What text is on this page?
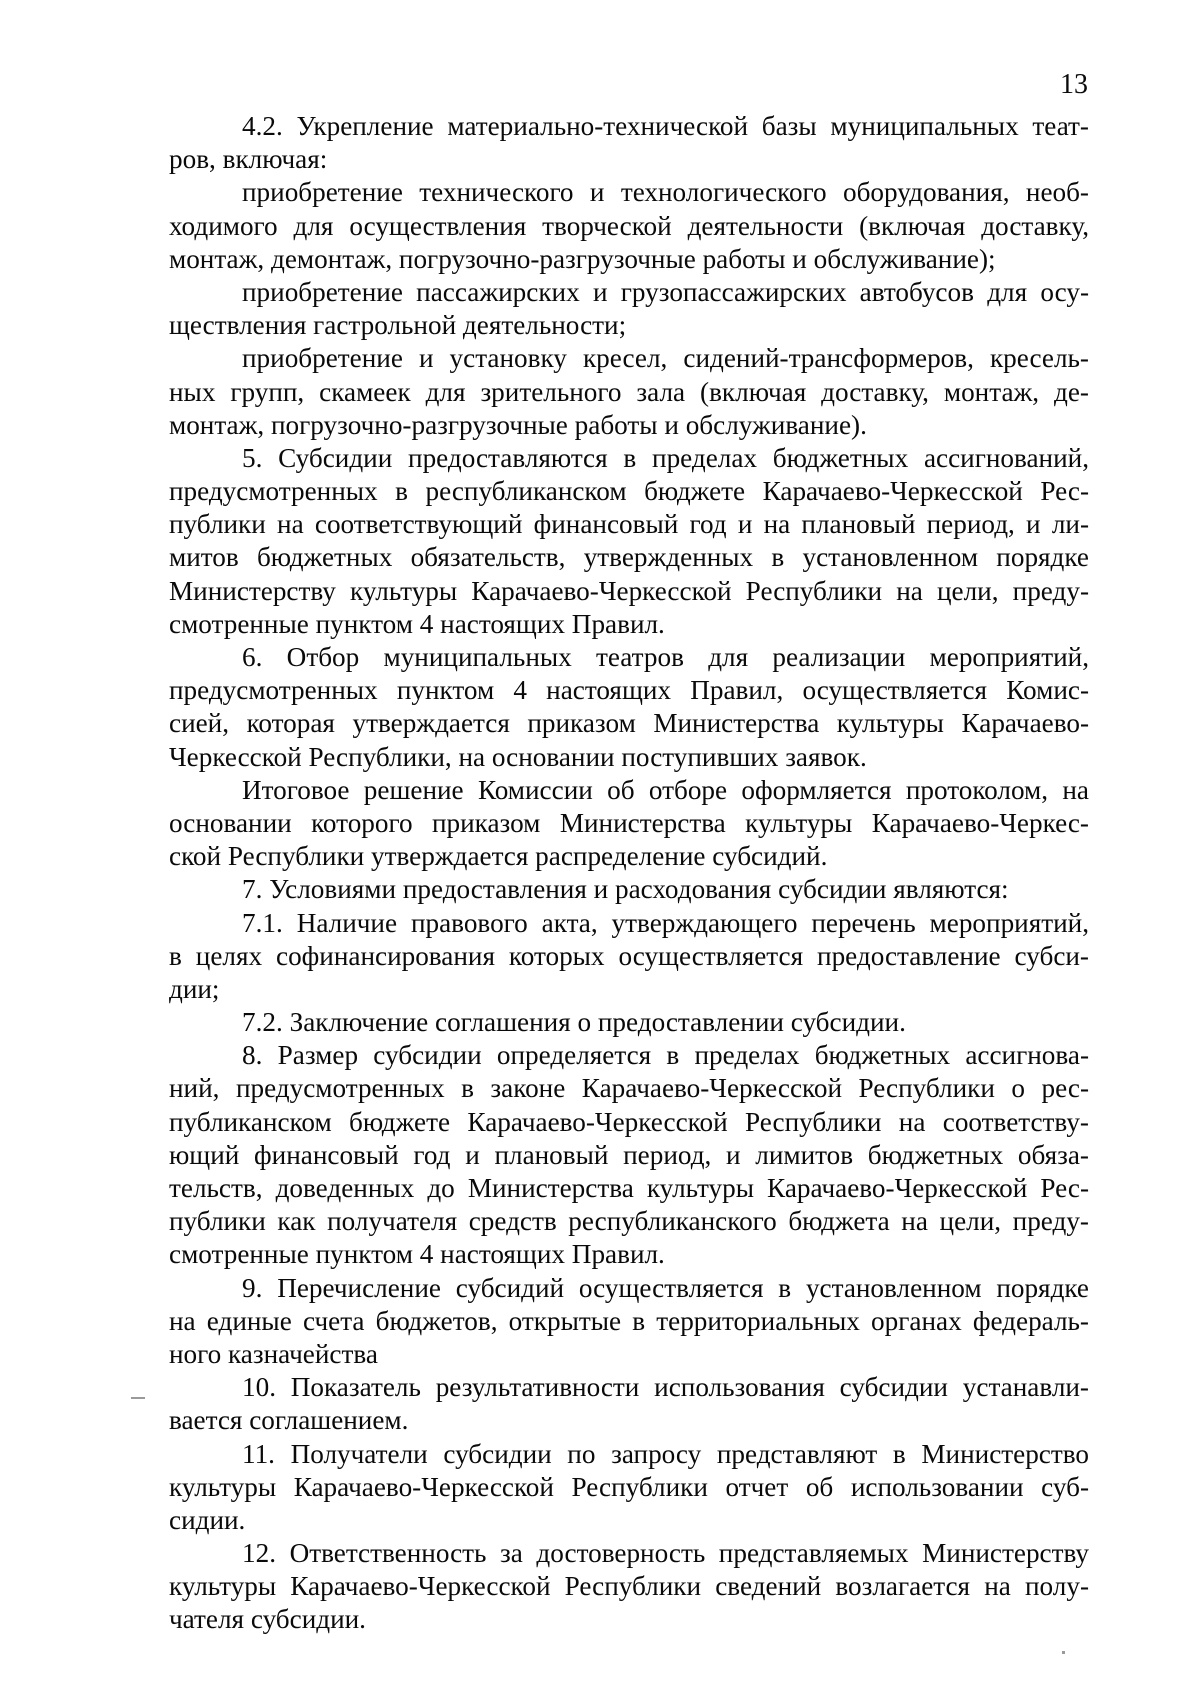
13
4.2. Укрепление материально-технической базы муниципальных теат-
ров, включая:
приобретение технического и технологического оборудования, необ-
ходимого для осуществления творческой деятельности (включая доставку,
монтаж, демонтаж, погрузочно-разгрузочные работы и обслуживание);
приобретение пассажирских и грузопассажирских автобусов для осу-
ществления гастрольной деятельности;
приобретение и установку кресел, сидений-трансформеров, кресель-
ных групп, скамеек для зрительного зала (включая доставку, монтаж, де-
монтаж, погрузочно-разгрузочные работы и обслуживание).
5. Субсидии предоставляются в пределах бюджетных ассигнований,
предусмотренных в республиканском бюджете Карачаево-Черкесской Рес-
публики на соответствующий финансовый год и на плановый период, и ли-
митов бюджетных обязательств, утвержденных в установленном порядке
Министерству культуры Карачаево-Черкесской Республики на цели, преду-
смотренные пунктом 4 настоящих Правил.
6. Отбор муниципальных театров для реализации мероприятий,
предусмотренных пунктом 4 настоящих Правил, осуществляется Комис-
сией, которая утверждается приказом Министерства культуры Карачаево-
Черкесской Республики, на основании поступивших заявок.
Итоговое решение Комиссии об отборе оформляется протоколом, на
основании которого приказом Министерства культуры Карачаево-Черкес-
ской Республики утверждается распределение субсидий.
7. Условиями предоставления и расходования субсидии являются:
7.1. Наличие правового акта, утверждающего перечень мероприятий,
в целях софинансирования которых осуществляется предоставление субси-
дии;
7.2. Заключение соглашения о предоставлении субсидии.
8. Размер субсидии определяется в пределах бюджетных ассигнова-
ний, предусмотренных в законе Карачаево-Черкесской Республики о рес-
публиканском бюджете Карачаево-Черкесской Республики на соответству-
ющий финансовый год и плановый период, и лимитов бюджетных обяза-
тельств, доведенных до Министерства культуры Карачаево-Черкесской Рес-
публики как получателя средств республиканского бюджета на цели, преду-
смотренные пунктом 4 настоящих Правил.
9. Перечисление субсидий осуществляется в установленном порядке
на единые счета бюджетов, открытые в территориальных органах федераль-
ного казначейства
10. Показатель результативности использования субсидии устанавли-
вается соглашением.
11. Получатели субсидии по запросу представляют в Министерство
культуры Карачаево-Черкесской Республики отчет об использовании суб-
сидии.
12. Ответственность за достоверность представляемых Министерству
культуры Карачаево-Черкесской Республики сведений возлагается на полу-
чателя субсидии.
